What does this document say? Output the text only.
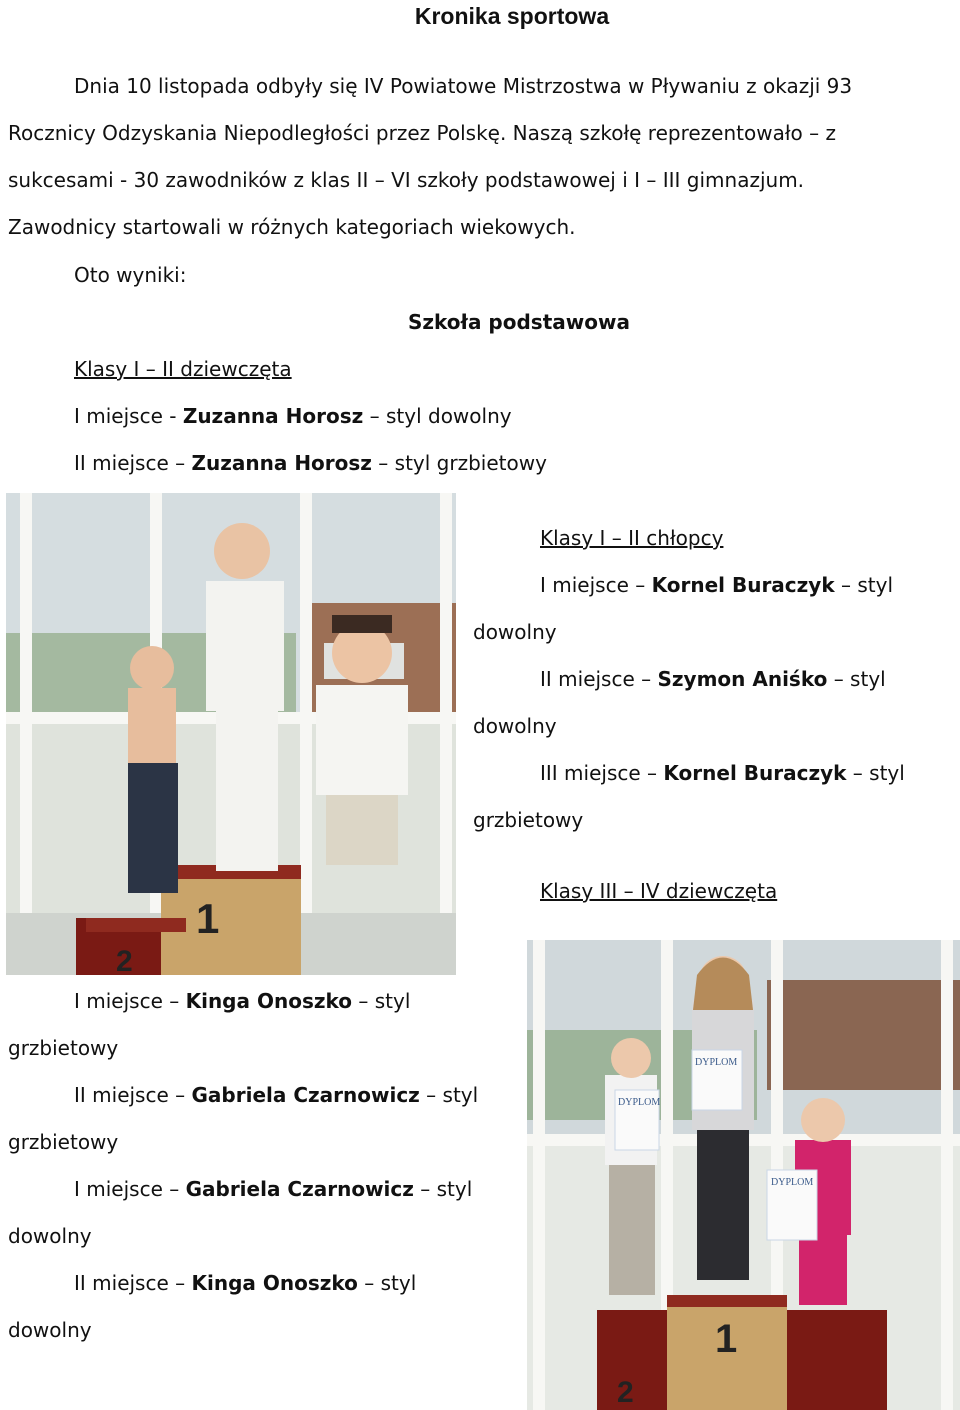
Kronika sportowa
Dnia 10 listopada odbyły się IV Powiatowe Mistrzostwa w Pływaniu z okazji 93
Rocznicy Odzyskania Niepodległości przez Polskę. Naszą szkołę reprezentowało – z
sukcesami - 30 zawodników z klas II – VI szkoły podstawowej i I – III gimnazjum.
Zawodnicy startowali w różnych kategoriach wiekowych.
Oto wyniki:
Szkoła podstawowa
Klasy I – II dziewczęta
I miejsce - Zuzanna Horosz – styl dowolny
II miejsce – Zuzanna Horosz – styl grzbietowy
1
2
Klasy I – II chłopcy
I miejsce – Kornel Buraczyk – styl
dowolny
II miejsce – Szymon Aniśko – styl
dowolny
III miejsce – Kornel Buraczyk – styl
grzbietowy
Klasy III – IV dziewczęta
DYPLOM
DYPLOM
DYPLOM
1
2
I miejsce – Kinga Onoszko – styl
grzbietowy
II miejsce – Gabriela Czarnowicz – styl
grzbietowy
I miejsce – Gabriela Czarnowicz – styl
dowolny
II miejsce – Kinga Onoszko – styl
dowolny
